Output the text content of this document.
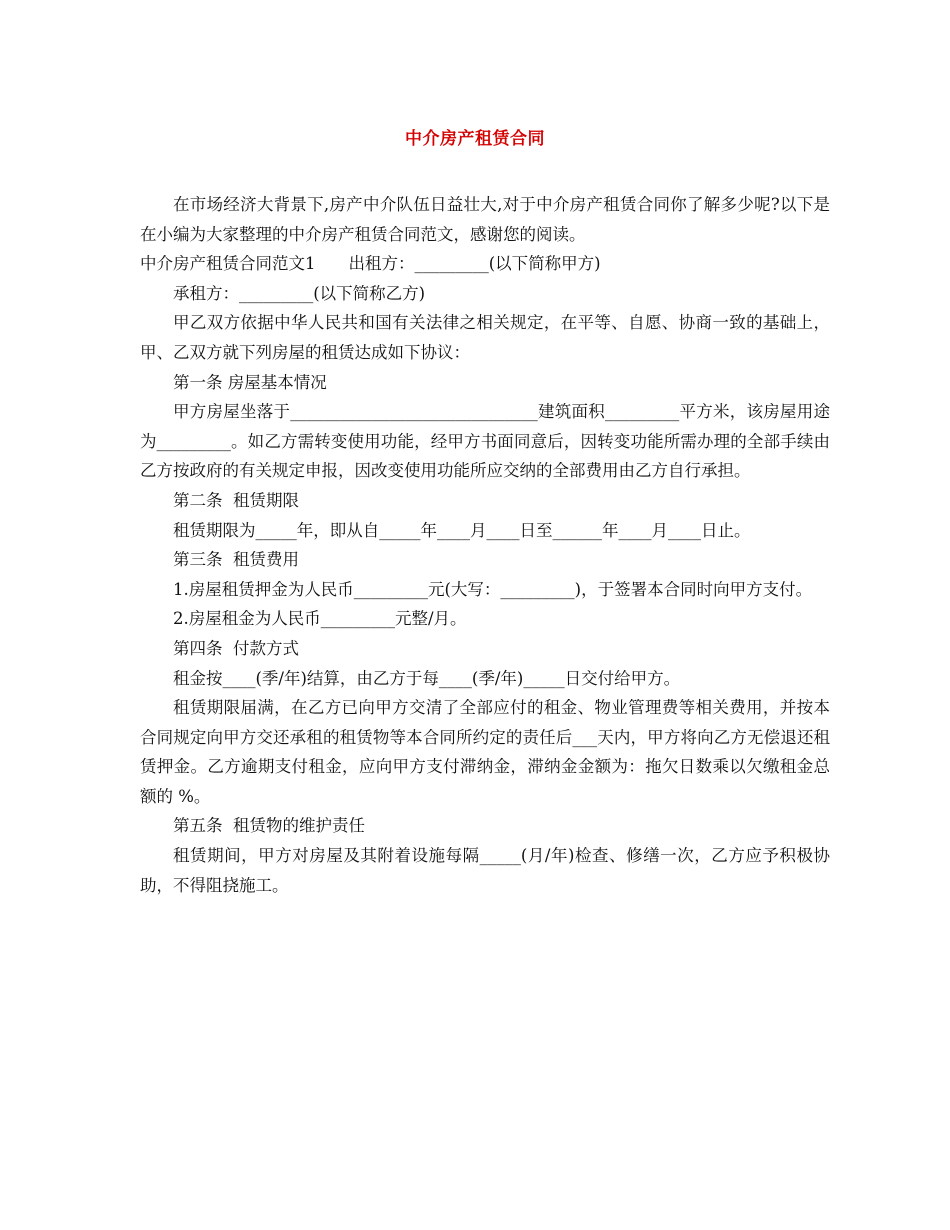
中介房产租赁合同

在市场经济大背景下,房产中介队伍日益壮大,对于中介房产租赁合同你了解多少呢?以下是在小编为大家整理的中介房产租赁合同范文，感谢您的阅读。

中介房产租赁合同范文1　　出租方：_________(以下简称甲方)

承租方：_________(以下简称乙方)

甲乙双方依据中华人民共和国有关法律之相关规定，在平等、自愿、协商一致的基础上，甲、乙双方就下列房屋的租赁达成如下协议：

第一条 房屋基本情况

甲方房屋坐落于______________________________建筑面积_________平方米，该房屋用途为_________。如乙方需转变使用功能，经甲方书面同意后，因转变功能所需办理的全部手续由乙方按政府的有关规定申报，因改变使用功能所应交纳的全部费用由乙方自行承担。

第二条  租赁期限

租赁期限为_____年，即从自_____年____月____日至______年____月____日止。

第三条  租赁费用

1.房屋租赁押金为人民币_________元(大写：_________)，于签署本合同时向甲方支付。

2.房屋租金为人民币_________元整/月。

第四条  付款方式

租金按____(季/年)结算，由乙方于每____(季/年)_____日交付给甲方。

租赁期限届满，在乙方已向甲方交清了全部应付的租金、物业管理费等相关费用，并按本合同规定向甲方交还承租的租赁物等本合同所约定的责任后___天内，甲方将向乙方无偿退还租赁押金。乙方逾期支付租金，应向甲方支付滞纳金，滞纳金金额为：拖欠日数乘以欠缴租金总额的 %。

第五条  租赁物的维护责任

租赁期间，甲方对房屋及其附着设施每隔_____(月/年)检查、修缮一次，乙方应予积极协助，不得阻挠施工。
